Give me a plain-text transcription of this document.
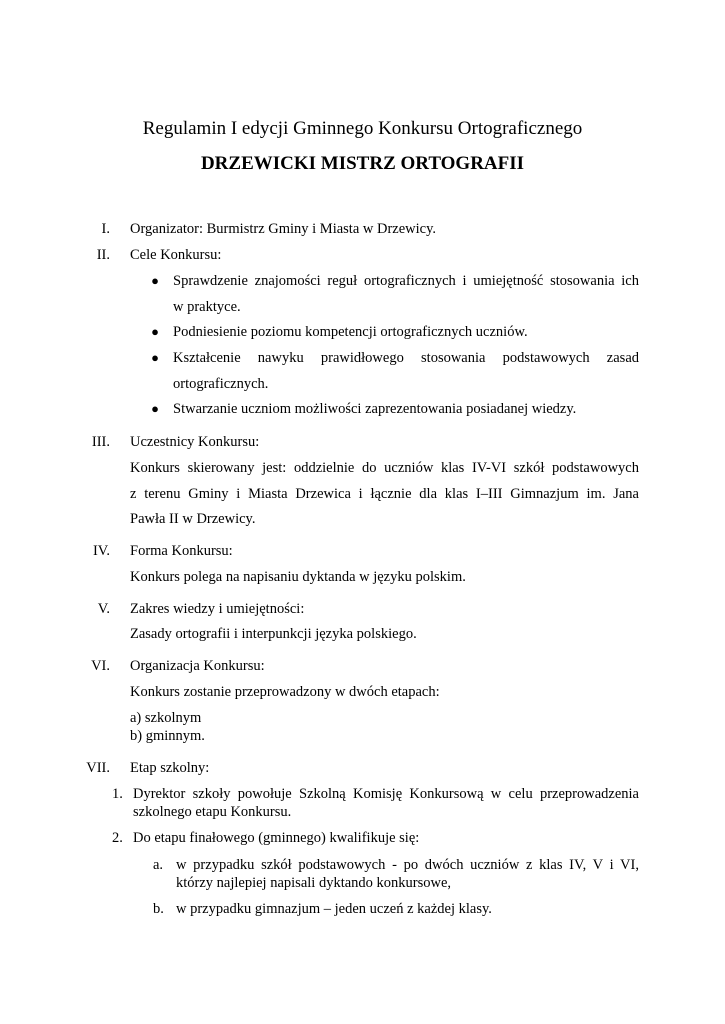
Regulamin I edycji Gminnego Konkursu Ortograficznego
DRZEWICKI MISTRZ ORTOGRAFII
I. Organizator: Burmistrz Gminy i Miasta w Drzewicy.
II. Cele Konkursu:
● Sprawdzenie znajomości reguł ortograficznych i umiejętność stosowania ich
w praktyce.
● Podniesienie poziomu kompetencji ortograficznych uczniów.
● Kształcenie nawyku prawidłowego stosowania podstawowych zasad
ortograficznych.
● Stwarzanie uczniom możliwości zaprezentowania posiadanej wiedzy.
III. Uczestnicy Konkursu:
Konkurs skierowany jest: oddzielnie do uczniów klas IV-VI szkół podstawowych
z terenu Gminy i Miasta Drzewica i łącznie dla klas I–III Gimnazjum im. Jana
Pawła II w Drzewicy.
IV. Forma Konkursu:
Konkurs polega na napisaniu dyktanda w języku polskim.
V. Zakres wiedzy i umiejętności:
Zasady ortografii i interpunkcji języka polskiego.
VI. Organizacja Konkursu:
Konkurs zostanie przeprowadzony w dwóch etapach:
a) szkolnym
b) gminnym.
VII. Etap szkolny:
1. Dyrektor szkoły powołuje Szkolną Komisję Konkursową w celu przeprowadzenia
szkolnego etapu Konkursu.
2. Do etapu finałowego (gminnego) kwalifikuje się:
a. w przypadku szkół podstawowych - po dwóch uczniów z klas IV, V i VI,
którzy najlepiej napisali dyktando konkursowe,
b. w przypadku gimnazjum – jeden uczeń z każdej klasy.
